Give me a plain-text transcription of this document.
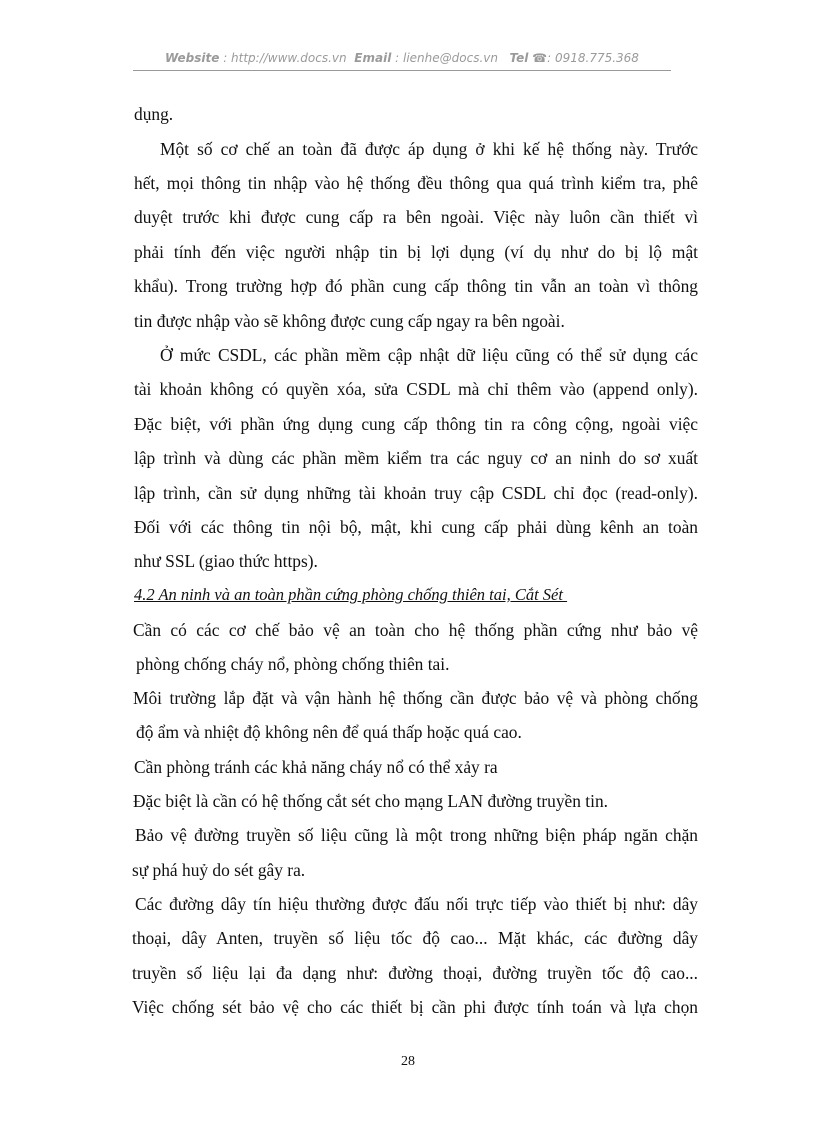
Website : http://www.docs.vn Email : lienhe@docs.vn Tel ☎: 0918.775.368

dụng.

Một số cơ chế an toàn đã được áp dụng ở khi kế hệ thống này. Trước

hết, mọi thông tin nhập vào hệ thống đều thông qua quá trình kiểm tra, phê

duyệt trước khi được cung cấp ra bên ngoài. Việc này luôn cần thiết vì

phải tính đến việc người nhập tin bị lợi dụng (ví dụ như do bị lộ mật

khẩu). Trong trường hợp đó phần cung cấp thông tin vẫn an toàn vì thông

tin được nhập vào sẽ không được cung cấp ngay ra bên ngoài.

Ở mức CSDL, các phần mềm cập nhật dữ liệu cũng có thể sử dụng các

tài khoản không có quyền xóa, sửa CSDL mà chỉ thêm vào (append only).

Đặc biệt, với phần ứng dụng cung cấp thông tin ra công cộng, ngoài việc

lập trình và dùng các phần mềm kiểm tra các nguy cơ an ninh do sơ xuất

lập trình, cần sử dụng những tài khoản truy cập CSDL chỉ đọc (read-only).

Đối với các thông tin nội bộ, mật, khi cung cấp phải dùng kênh an toàn

như SSL (giao thức https).

4.2 An ninh và an toàn phần cứng phòng chống thiên tai, Cắt Sét

Cần có các cơ chế bảo vệ an toàn cho hệ thống phần cứng như bảo vệ

phòng chống cháy nổ, phòng chống thiên tai.

Môi trường lắp đặt và vận hành hệ thống cần được bảo vệ và phòng chống

độ ẩm và nhiệt độ không nên để quá thấp hoặc quá cao.

Cần phòng tránh các khả năng cháy nổ có thể xảy ra

Đặc biệt là cần có hệ thống cắt sét cho mạng LAN đường truyền tin.

Bảo vệ đường truyền số liệu cũng là một trong những biện pháp ngăn chặn

sự phá huỷ do sét gây ra.

Các đường dây tín hiệu thường được đấu nối trực tiếp vào thiết bị như: dây

thoại, dây Anten, truyền số liệu tốc độ cao... Mặt khác, các đường dây

truyền số liệu lại đa dạng như: đường thoại, đường truyền tốc độ cao...

Việc chống sét bảo vệ cho các thiết bị cần phi được tính toán và lựa chọn

28
